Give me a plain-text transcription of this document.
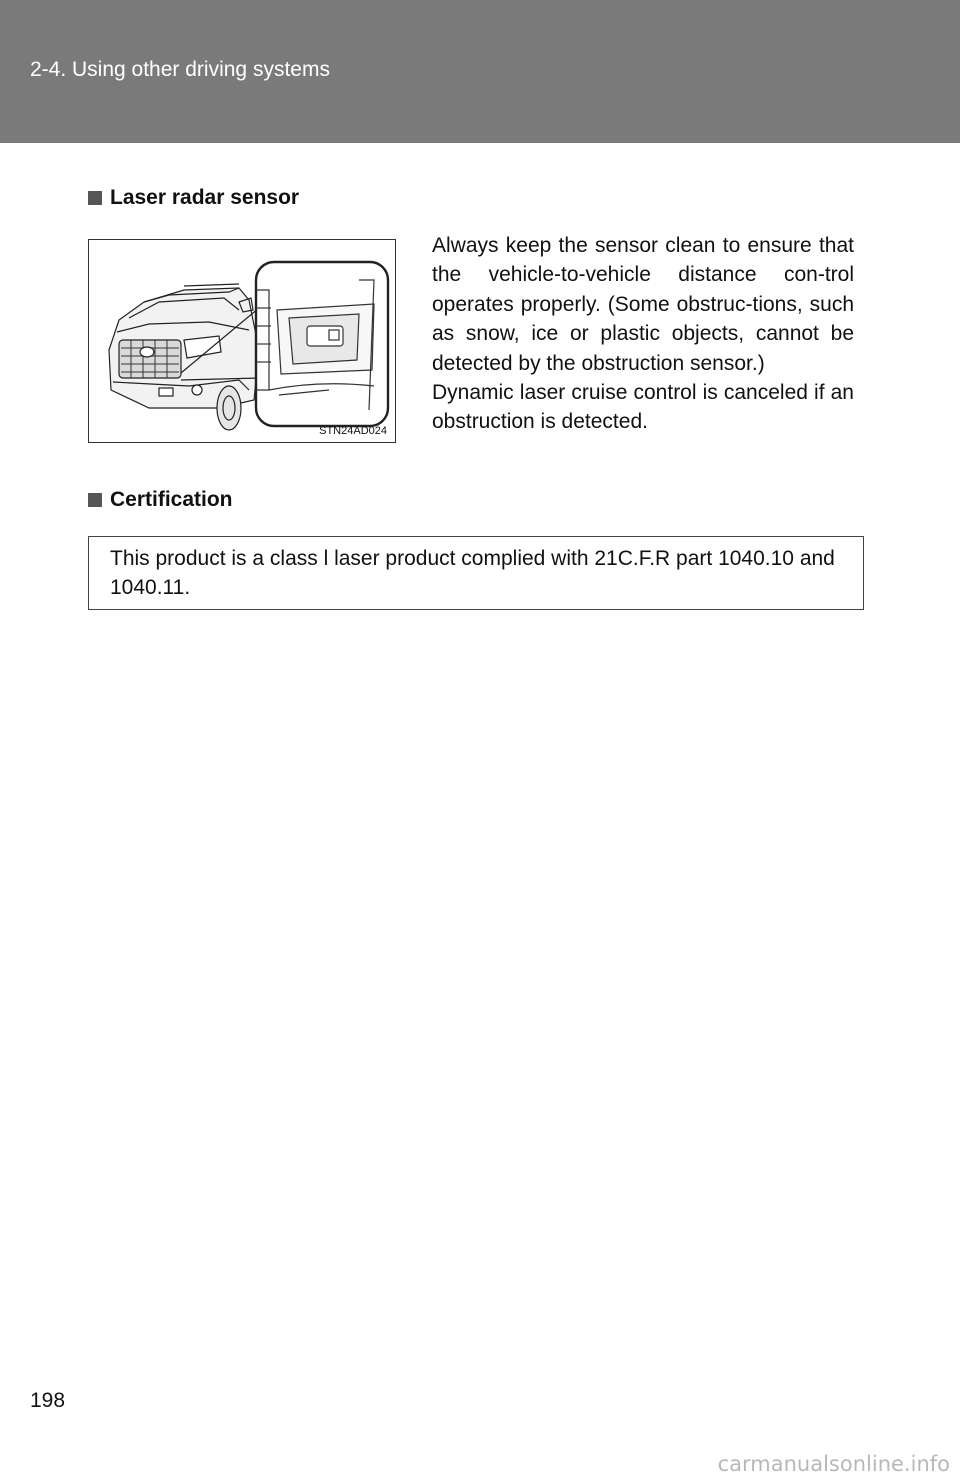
2-4. Using other driving systems
Laser radar sensor
STN24AD024

Always keep the sensor clean to ensure that the vehicle-to-vehicle distance con-trol operates properly. (Some obstruc-tions, such as snow, ice or plastic objects, cannot be detected by the obstruction sensor.)

Dynamic laser cruise control is canceled if an obstruction is detected.

Certification
This product is a class l laser product complied with 21C.F.R part 1040.10 and 1040.11.
198
carmanualsonline.info
